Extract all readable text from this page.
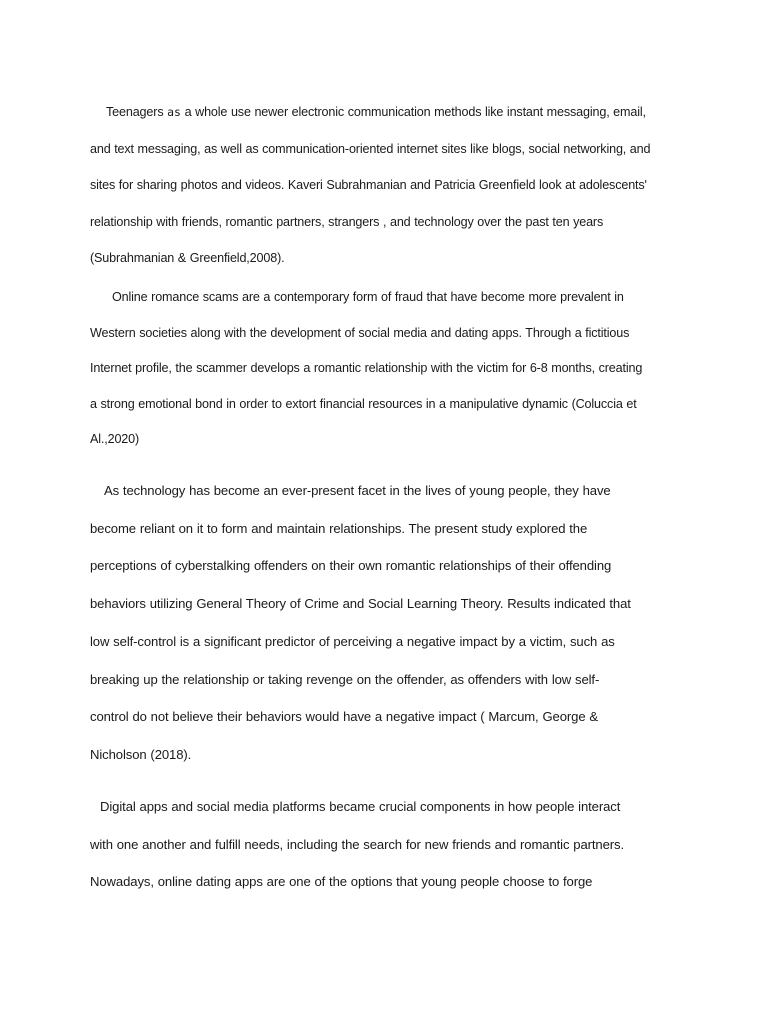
Teenagers as a whole use newer electronic communication methods like instant messaging, email,
and text messaging, as well as communication-oriented internet sites like blogs, social networking, and
sites for sharing photos and videos. Kaveri Subrahmanian and Patricia Greenfield look at adolescents'
relationship with friends, romantic partners, strangers , and technology over the past ten years
(Subrahmanian & Greenfield,2008).

Online romance scams are a contemporary form of fraud that have become more prevalent in
Western societies along with the development of social media and dating apps. Through a fictitious
Internet profile, the scammer develops a romantic relationship with the victim for 6-8 months, creating
a strong emotional bond in order to extort financial resources in a manipulative dynamic (Coluccia et
Al.,2020)

As technology has become an ever-present facet in the lives of young people, they have
become reliant on it to form and maintain relationships. The present study explored the
perceptions of cyberstalking offenders on their own romantic relationships of their offending
behaviors utilizing General Theory of Crime and Social Learning Theory. Results indicated that
low self-control is a significant predictor of perceiving a negative impact by a victim, such as
breaking up the relationship or taking revenge on the offender, as offenders with low self-
control do not believe their behaviors would have a negative impact ( Marcum, George &
Nicholson (2018).

Digital apps and social media platforms became crucial components in how people interact
with one another and fulfill needs, including the search for new friends and romantic partners.
Nowadays, online dating apps are one of the options that young people choose to forge
